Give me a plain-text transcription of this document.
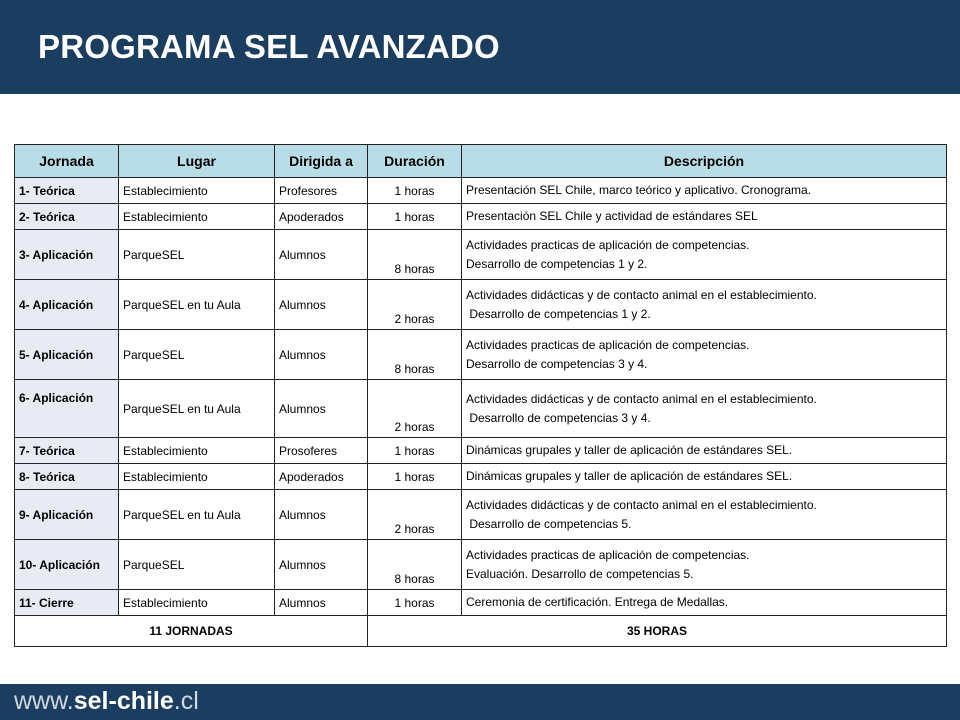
PROGRAMA SEL AVANZADO
Jornada	Lugar	Dirigida a	Duración	Descripción
1- Teórica	Establecimiento	Profesores	1 horas	Presentación SEL Chile, marco teórico y aplicativo. Cronograma.
2- Teórica	Establecimiento	Apoderados	1 horas	Presentación SEL Chile y actividad de estándares SEL
3- Aplicación	ParqueSEL	Alumnos	8 horas	Actividades practicas de aplicación de competencias.
Desarrollo de competencias 1 y 2.
4- Aplicación	ParqueSEL en tu Aula	Alumnos	2 horas	Actividades didácticas y de contacto animal en el establecimiento.
Desarrollo de competencias 1 y 2.
5- Aplicación	ParqueSEL	Alumnos	8 horas	Actividades practicas de aplicación de competencias.
Desarrollo de competencias 3 y 4.
6- Aplicación	ParqueSEL en tu Aula	Alumnos	2 horas	Actividades didácticas y de contacto animal en el establecimiento.
Desarrollo de competencias 3 y 4.
7- Teórica	Establecimiento	Prosoferes	1 horas	Dinámicas grupales y taller de aplicación de estándares SEL.
8- Teórica	Establecimiento	Apoderados	1 horas	Dinámicas grupales y taller de aplicación de estándares SEL.
9- Aplicación	ParqueSEL en tu Aula	Alumnos	2 horas	Actividades didácticas y de contacto animal en el establecimiento.
Desarrollo de competencias 5.
10- Aplicación	ParqueSEL	Alumnos	8 horas	Actividades practicas de aplicación de competencias.
Evaluación. Desarrollo de competencias 5.
11- Cierre	Establecimiento	Alumnos	1 horas	Ceremonia de certificación. Entrega de Medallas.
11 JORNADAS			35 HORAS	
www.sel-chile.cl
